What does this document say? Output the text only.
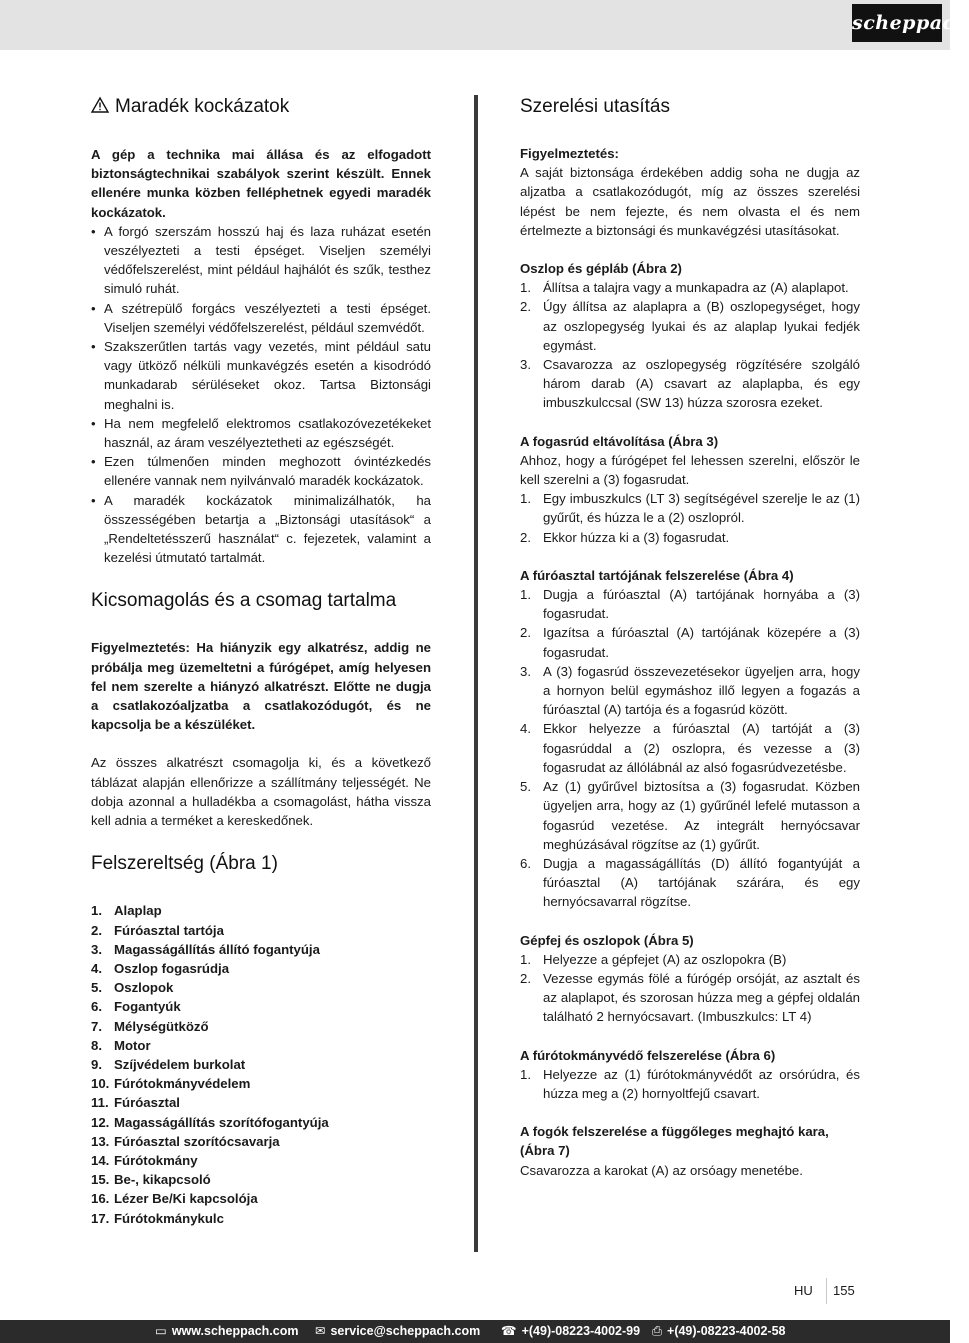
scheppach
Maradék kockázatok

A gép a technika mai állása és az elfogadott biztonságtechnikai szabályok szerint készült. Ennek ellenére munka közben felléphetnek egyedi maradék kockázatok.

• A forgó szerszám hosszú haj és laza ruházat esetén veszélyezteti a testi épséget. Viseljen személyi védőfelszerelést, mint például hajhálót és szűk, testhez simuló ruhát.
• A szétrepülő forgács veszélyezteti a testi épséget. Viseljen személyi védőfelszerelést, például szemvédőt.
• Szakszerűtlen tartás vagy vezetés, mint például satu vagy ütköző nélküli munkavégzés esetén a kisodródó munkadarab sérüléseket okoz. Tartsa Biztonsági meghalni is.
• Ha nem megfelelő elektromos csatlakozóvezetékeket használ, az áram veszélyeztetheti az egészségét.
• Ezen túlmenően minden meghozott óvintézkedés ellenére vannak nem nyilvánvaló maradék kockázatok.
• A maradék kockázatok minimalizálhatók, ha összességében betartja a „Biztonsági utasítások“ a „Rendeltetésszerű használat“ c. fejezetek, valamint a kezelési útmutató tartalmát.
Kicsomagolás és a csomag tartalma

Figyelmeztetés: Ha hiányzik egy alkatrész, addig ne próbálja meg üzemeltetni a fúrógépet, amíg helyesen fel nem szerelte a hiányzó alkatrészt. Előtte ne dugja a csatlakozóaljzatba a csatlakozódugót, és ne kapcsolja be a készüléket.

Az összes alkatrészt csomagolja ki, és a következő táblázat alapján ellenőrizze a szállítmány teljességét. Ne dobja azonnal a hulladékba a csomagolást, hátha vissza kell adnia a terméket a kereskedőnek.

Felszereltség (Ábra 1)
1. Alaplap
2. Fúróasztal tartója
3. Magasságállítás állító fogantyúja
4. Oszlop fogasrúdja
5. Oszlopok
6. Fogantyúk
7. Mélységütköző
8. Motor
9. Szíjvédelem burkolat
10. Fúrótokmányvédelem
11. Fúróasztal
12. Magasságállítás szorítófogantyúja
13. Fúróasztal szorítócsavarja
14. Fúrótokmány
15. Be-, kikapcsoló
16. Lézer Be/Ki kapcsolója
17. Fúrótokmánykulc
Szerelési utasítás

Figyelmeztetés:

A saját biztonsága érdekében addig soha ne dugja az aljzatba a csatlakozódugót, míg az összes szerelési lépést be nem fejezte, és nem olvasta el és nem értelmezte a biztonsági és munkavégzési utasításokat.

Oszlop és gépláb (Ábra 2)

1. Állítsa a talajra vagy a munkapadra az (A) alaplapot.
2. Úgy állítsa az alaplapra a (B) oszlopegységet, hogy az oszlopegység lyukai és az alaplap lyukai fedjék egymást.
3. Csavarozza az oszlopegység rögzítésére szolgáló három darab (A) csavart az alaplapba, és egy imbuszkulccsal (SW 13) húzza szorosra ezeket.

A fogasrúd eltávolítása (Ábra 3)

Ahhoz, hogy a fúrógépet fel lehessen szerelni, először le kell szerelni a (3) fogasrudat.

1. Egy imbuszkulcs (LT 3) segítségével szerelje le az (1) gyűrűt, és húzza le a (2) oszlopról.
2. Ekkor húzza ki a (3) fogasrudat.

A fúróasztal tartójának felszerelése (Ábra 4)

1. Dugja a fúróasztal (A) tartójának hornyába a (3) fogasrudat.
2. Igazítsa a fúróasztal (A) tartójának közepére a (3) fogasrudat.
3. A (3) fogasrúd összevezetésekor ügyeljen arra, hogy a hornyon belül egymáshoz illő legyen a fogazás a fúróasztal (A) tartója és a fogasrúd között.
4. Ekkor helyezze a fúróasztal (A) tartóját a (3) fogasrúddal a (2) oszlopra, és vezesse a (3) fogasrudat az állólábnál az alsó fogasrúdvezetésbe.
5. Az (1) gyűrűvel biztosítsa a (3) fogasrudat. Közben ügyeljen arra, hogy az (1) gyűrűnél lefelé mutasson a fogasrúd vezetése. Az integrált hernyócsavar meghúzásával rögzítse az (1) gyűrűt.
6. Dugja a magasságállítás (D) állító fogantyúját a fúróasztal (A) tartójának szárára, és egy hernyócsavarral rögzítse.

Gépfej és oszlopok (Ábra 5)

1. Helyezze a gépfejet (A) az oszlopokra (B)
2. Vezesse egymás fölé a fúrógép orsóját, az asztalt és az alaplapot, és szorosan húzza meg a gépfej oldalán található 2 hernyócsavart. (Imbuszkulcs: LT 4)

A fúrótokmányvédő felszerelése (Ábra 6)

1. Helyezze az (1) fúrótokmányvédőt az orsórúdra, és húzza meg a (2) hornyoltfejű csavart.

A fogók felszerelése a függőleges meghajtó kara, (Ábra 7)

Csavarozza a karokat (A) az orsóagy menetébe.

HU 155
▭ www.scheppach.com ✉ service@scheppach.com ☎ +(49)-08223-4002-99 ⎙ +(49)-08223-4002-58
